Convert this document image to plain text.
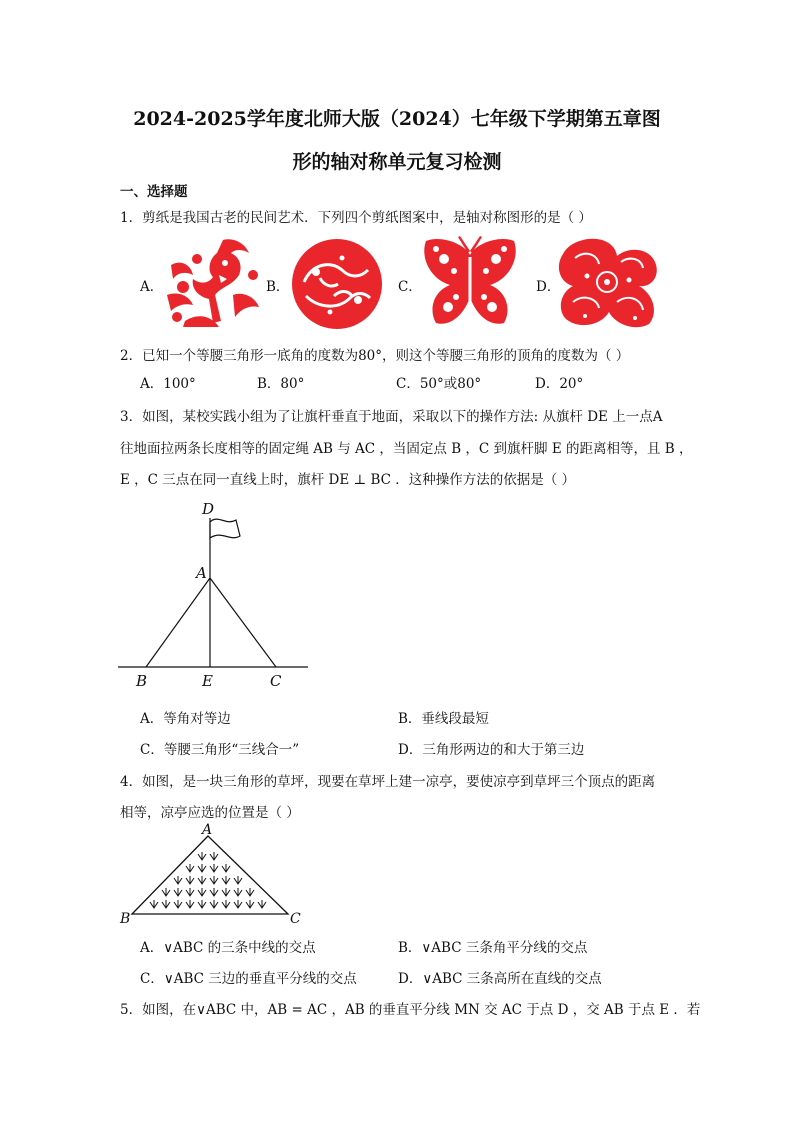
2024-2025学年度北师大版（2024）七年级下学期第五章图
形的轴对称单元复习检测
一、选择题
1．剪纸是我国古老的民间艺术．下列四个剪纸图案中，是轴对称图形的是（ ）
A．	B．	C．	D．
2．已知一个等腰三角形一底角的度数为80°，则这个等腰三角形的顶角的度数为（ ）
A．100°	B．80°	C．50°或80°	D．20°
3．如图，某校实践小组为了让旗杆垂直于地面，采取以下的操作方法: 从旗杆 DE 上一点A
往地面拉两条长度相等的固定绳 AB 与 AC ，当固定点 B ，C 到旗杆脚 E 的距离相等，且 B ，
E ，C 三点在同一直线上时，旗杆 DE ⊥ BC ．这种操作方法的依据是（ ）
D
A
B	E	C
A．等角对等边	B．垂线段最短
C．等腰三角形“三线合一”	D．三角形两边的和大于第三边
4．如图，是一块三角形的草坪，现要在草坪上建一凉亭，要使凉亭到草坪三个顶点的距离
相等，凉亭应选的位置是（ ）
A
B	C
A．∨ABC 的三条中线的交点	B．∨ABC 三条角平分线的交点
C．∨ABC 三边的垂直平分线的交点	D．∨ABC 三条高所在直线的交点
5．如图，在∨ABC 中，AB = AC ，AB 的垂直平分线 MN 交 AC 于点 D ，交 AB 于点 E ．若
